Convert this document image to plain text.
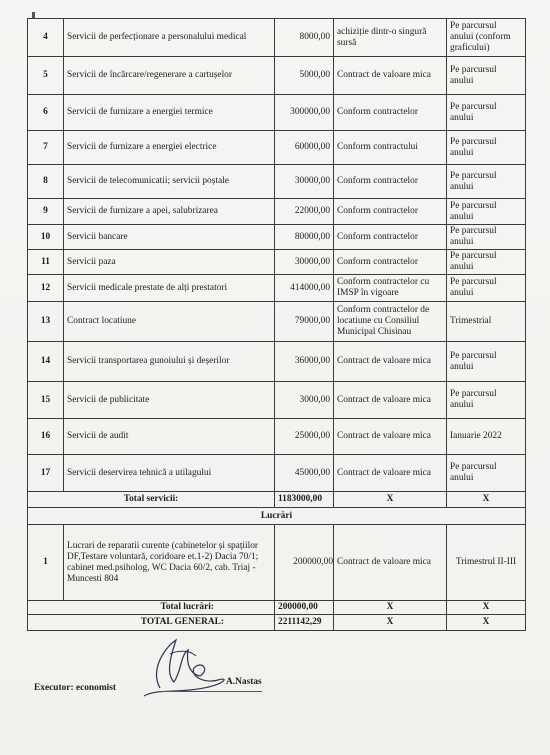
4	Servicii de perfecționare a personalului medical	8000,00	achiziție dintr-o singură sursă	Pe parcursul anului (conform graficului)
5	Servicii de încărcare/regenerare a cartușelor	5000,00	Contract de valoare mica	Pe parcursul anului
6	Servicii de furnizare a energiei termice	300000,00	Conform contractelor	Pe parcursul anului
7	Servicii de furnizare a energiei electrice	60000,00	Conform contractului	Pe parcursul anului
8	Servicii de telecomunicatii; servicii poștale	30000,00	Conform contractelor	Pe parcursul anului
9	Servicii de furnizare a apei, salubrizarea	22000,00	Conform contractelor	Pe parcursul anului
10	Servicii bancare	80000,00	Conform contractelor	Pe parcursul anului
11	Servicii paza	30000,00	Conform contractelor	Pe parcursul anului
12	Servicii medicale prestate de alți prestatori	414000,00	Conform contractelor cu IMSP în vigoare	Pe parcursul anului
13	Contract locatiune	79000,00	Conform contractelor de locatiune cu Consiliul Municipal Chisinau	Trimestrial
14	Servicii transportarea gunoiului și deșerilor	36000,00	Contract de valoare mica	Pe parcursul anului
15	Servicii de publicitate	3000,00	Contract de valoare mica	Pe parcursul anului
16	Servicii de audit	25000,00	Contract de valoare mica	Ianuarie 2022
17	Servicii deservirea tehnică a utilagului	45000,00	Contract de valoare mica	Pe parcursul anului
Total servicii:		1183000,00	X	X
Lucrări				
1	Lucrari de reparatii curente (cabinetelor și spațiilor DF,Testare voluntară, coridoare et.1-2) Dacia 70/1; cabinet med.psiholog, WC Dacia 60/2, cab. Triaj -Muncesti 804	200000,00	Contract de valoare mica	Trimestrul II-III
Total lucrări:		200000,00	X	X
TOTAL GENERAL:		2211142,29	X	X
Executor: economist
A.Nastas
